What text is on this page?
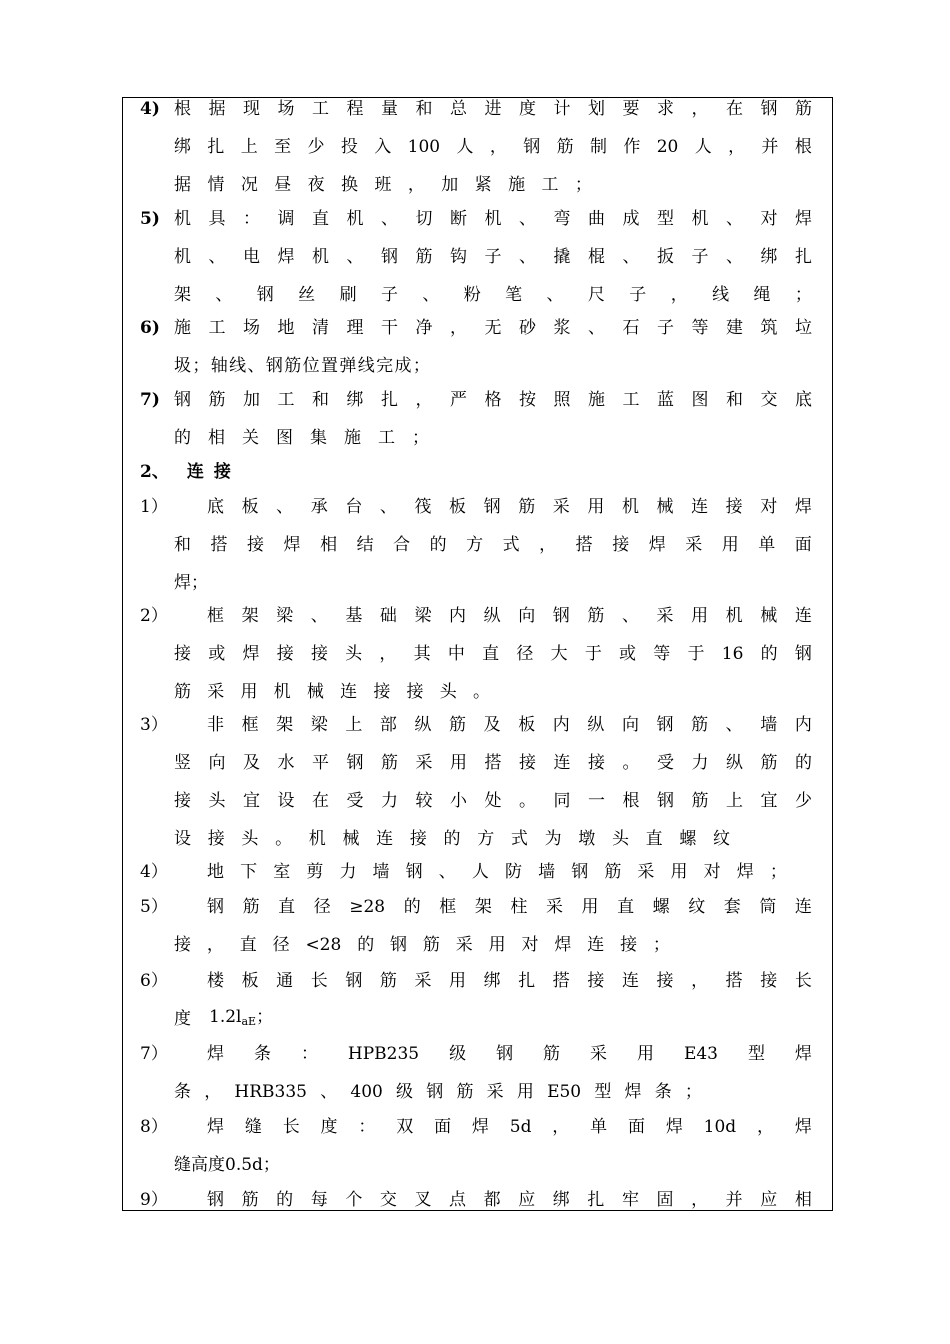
4) 根 据 现 场 工 程 量 和 总 进 度 计 划 要 求 ， 在 钢 筋
绑 扎 上 至 少 投 入 100 人 ， 钢 筋 制 作 20 人 ， 并 根
据 情 况 昼 夜 换 班 ， 加 紧 施 工 ；
5) 机 具 ： 调 直 机 、 切 断 机 、 弯 曲 成 型 机 、 对 焊
机 、 电 焊 机 、 钢 筋 钩 子 、 撬 棍 、 扳 子 、 绑 扎
架 、 钢 丝 刷 子 、 粉 笔 、 尺 子 ， 线 绳 ；
6) 施 工 场 地 清 理 干 净 ， 无 砂 浆 、 石 子 等 建 筑 垃
圾 ； 轴 线 、 钢 筋 位 置 弹 线 完 成 ；
7) 钢 筋 加 工 和 绑 扎 ， 严 格 按 照 施 工 蓝 图 和 交 底
的 相 关 图 集 施 工 ；
2、 连接
1） 底 板 、 承 台 、 筏 板 钢 筋 采 用 机 械 连 接 对 焊
和 搭 接 焊 相 结 合 的 方 式 ， 搭 接 焊 采 用 单 面
焊 ；
2） 框 架 梁 、 基 础 梁 内 纵 向 钢 筋 、 采 用 机 械 连
接 或 焊 接 接 头 ， 其 中 直 径 大 于 或 等 于 16 的 钢
筋 采 用 机 械 连 接 接 头 。
3） 非 框 架 梁 上 部 纵 筋 及 板 内 纵 向 钢 筋 、 墙 内
竖 向 及 水 平 钢 筋 采 用 搭 接 连 接 。 受 力 纵 筋 的
接 头 宜 设 在 受 力 较 小 处 。 同 一 根 钢 筋 上 宜 少
设 接 头 。 机 械 连 接 的 方 式 为 墩 头 直 螺 纹
4） 地 下 室 剪 力 墙 钢 、 人 防 墙 钢 筋 采 用 对 焊 ；
5） 钢 筋 直 径 ≥28 的 框 架 柱 采 用 直 螺 纹 套 筒 连
接 ， 直 径 <28 的 钢 筋 采 用 对 焊 连 接 ；
6） 楼 板 通 长 钢 筋 采 用 绑 扎 搭 接 连 接 ， 搭 接 长
度 1.2laE；
7） 焊 条 ： HPB235 级 钢 筋 采 用 E43 型 焊
条 ， HRB335 、 400 级 钢 筋 采 用 E50 型 焊 条 ；
8） 焊 缝 长 度 ： 双 面 焊 5d ， 单 面 焊 10d ， 焊
缝 高 度 0.5d ；
9） 钢 筋 的 每 个 交 叉 点 都 应 绑 扎 牢 固 ， 并 应 相
